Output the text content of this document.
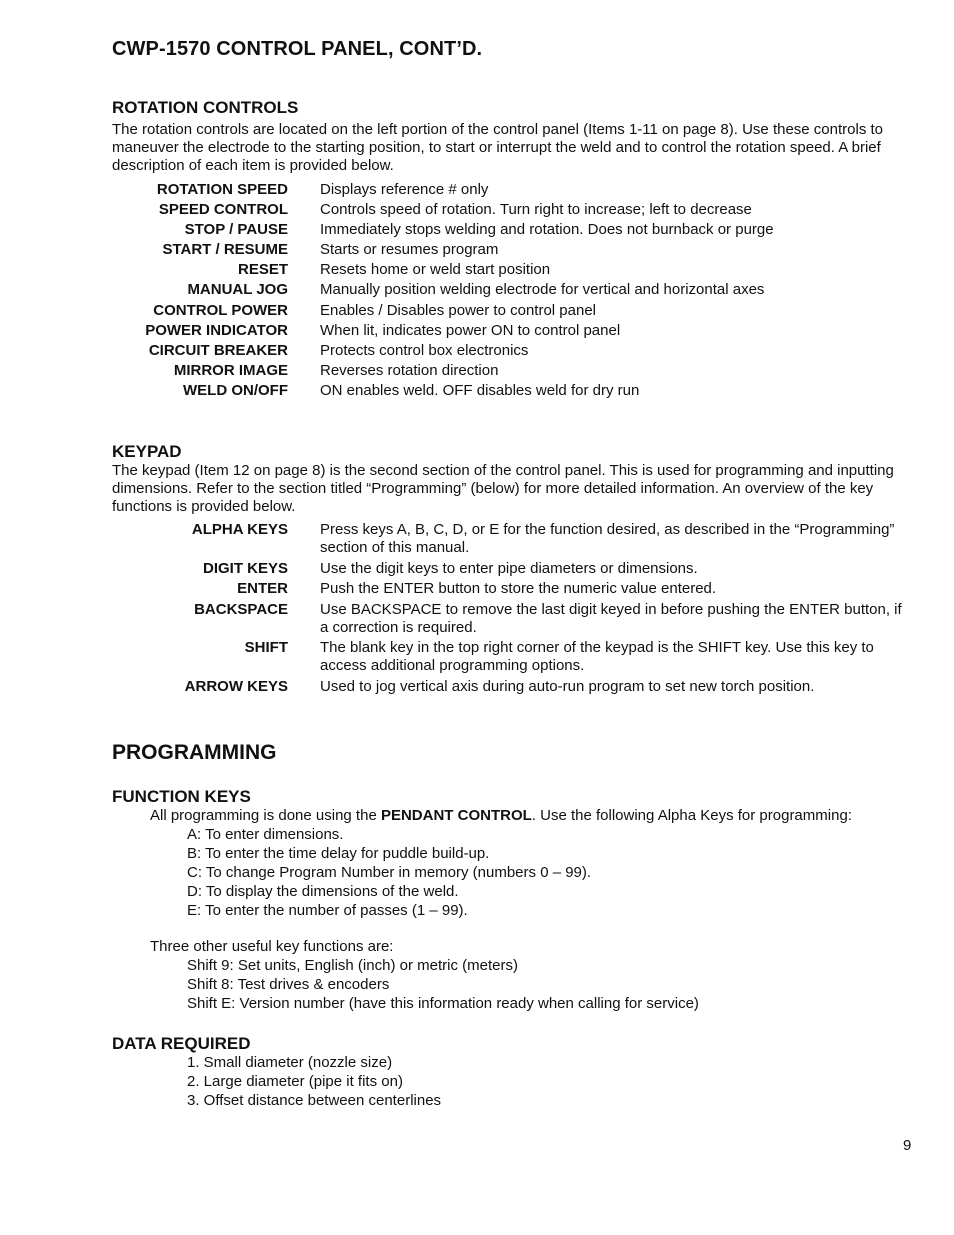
CWP-1570 CONTROL PANEL, CONT’D.
ROTATION CONTROLS

The rotation controls are located on the left portion of the control panel (Items 1-11 on page 8). Use these controls to maneuver the electrode to the starting position, to start or interrupt the weld and to control the rotation speed. A brief description of each item is provided below.

ROTATION SPEED Displays reference # only
SPEED CONTROL Controls speed of rotation. Turn right to increase; left to decrease
STOP / PAUSE Immediately stops welding and rotation. Does not burnback or purge
START / RESUME Starts or resumes program
RESET Resets home or weld start position
MANUAL JOG Manually position welding electrode for vertical and horizontal axes
CONTROL POWER Enables / Disables power to control panel
POWER INDICATOR When lit, indicates power ON to control panel
CIRCUIT BREAKER Protects control box electronics
MIRROR IMAGE Reverses rotation direction
WELD ON/OFF ON enables weld. OFF disables weld for dry run
KEYPAD

The keypad (Item 12 on page 8) is the second section of the control panel. This is used for programming and inputting dimensions. Refer to the section titled “Programming” (below) for more detailed information. An overview of the key functions is provided below.

ALPHA KEYS Press keys A, B, C, D, or E for the function desired, as described in the “Programming” section of this manual.
DIGIT KEYS Use the digit keys to enter pipe diameters or dimensions.
ENTER Push the ENTER button to store the numeric value entered.
BACKSPACE Use BACKSPACE to remove the last digit keyed in before pushing the ENTER button, if a correction is required.
SHIFT The blank key in the top right corner of the keypad is the SHIFT key. Use this key to access additional programming options.
ARROW KEYS Used to jog vertical axis during auto-run program to set new torch position.
PROGRAMMING
FUNCTION KEYS

All programming is done using the PENDANT CONTROL. Use the following Alpha Keys for programming:

A: To enter dimensions.
B: To enter the time delay for puddle build-up.
C: To change Program Number in memory (numbers 0 – 99).
D: To display the dimensions of the weld.
E: To enter the number of passes (1 – 99).

Three other useful key functions are:

Shift 9: Set units, English (inch) or metric (meters)
Shift 8: Test drives & encoders
Shift E: Version number (have this information ready when calling for service)
DATA REQUIRED
1. Small diameter (nozzle size)
2. Large diameter (pipe it fits on)
3. Offset distance between centerlines
9
